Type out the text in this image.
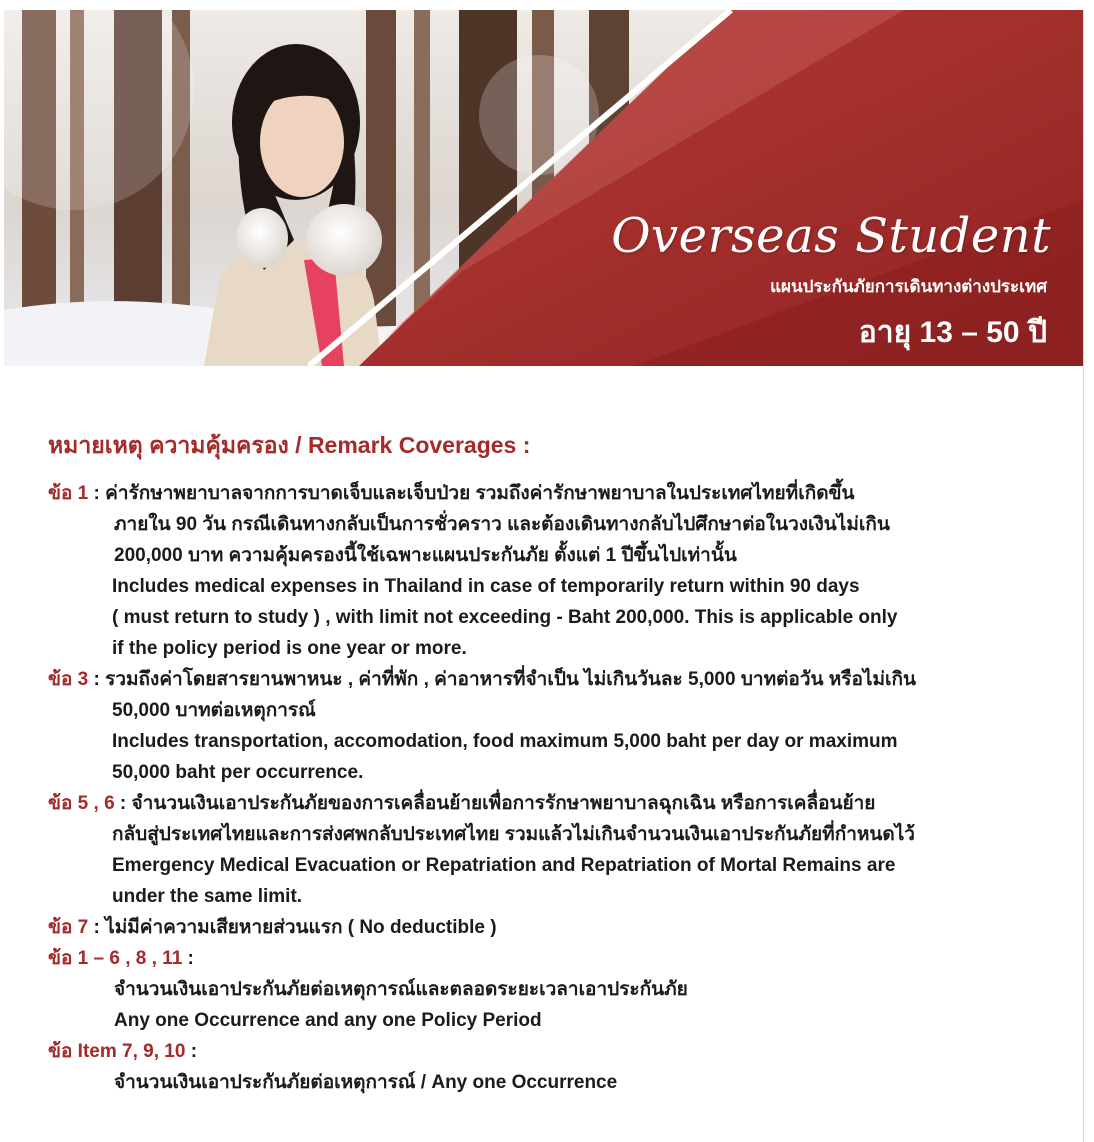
Overseas Student
แผนประกันภัยการเดินทางต่างประเทศ
อายุ 13 – 50 ปี
หมายเหตุ ความคุ้มครอง / Remark Coverages :
ข้อ 1 : ค่ารักษาพยาบาลจากการบาดเจ็บและเจ็บป่วย รวมถึงค่ารักษาพยาบาลในประเทศไทยที่เกิดขึ้น
ภายใน 90 วัน กรณีเดินทางกลับเป็นการชั่วคราว และต้องเดินทางกลับไปศึกษาต่อในวงเงินไม่เกิน
200,000 บาท ความคุ้มครองนี้ใช้เฉพาะแผนประกันภัย ตั้งแต่ 1 ปีขึ้นไปเท่านั้น
Includes medical expenses in Thailand in case of temporarily return within 90 days
( must return to study ) , with limit not exceeding - Baht 200,000. This is applicable only
if the policy period is one year or more.
ข้อ 3 : รวมถึงค่าโดยสารยานพาหนะ , ค่าที่พัก , ค่าอาหารที่จำเป็น ไม่เกินวันละ 5,000 บาทต่อวัน หรือไม่เกิน
50,000 บาทต่อเหตุการณ์
Includes transportation, accomodation, food maximum 5,000 baht per day or maximum
50,000 baht per occurrence.
ข้อ 5 , 6 : จำนวนเงินเอาประกันภัยของการเคลื่อนย้ายเพื่อการรักษาพยาบาลฉุกเฉิน หรือการเคลื่อนย้าย
กลับสู่ประเทศไทยและการส่งศพกลับประเทศไทย รวมแล้วไม่เกินจำนวนเงินเอาประกันภัยที่กำหนดไว้
Emergency Medical Evacuation or Repatriation and Repatriation of Mortal Remains are
under the same limit.
ข้อ 7 : ไม่มีค่าความเสียหายส่วนแรก ( No deductible )
ข้อ 1 – 6 , 8 , 11 :
จำนวนเงินเอาประกันภัยต่อเหตุการณ์และตลอดระยะเวลาเอาประกันภัย
Any one Occurrence and any one Policy Period
ข้อ Item 7, 9, 10 :
จำนวนเงินเอาประกันภัยต่อเหตุการณ์ / Any one Occurrence
